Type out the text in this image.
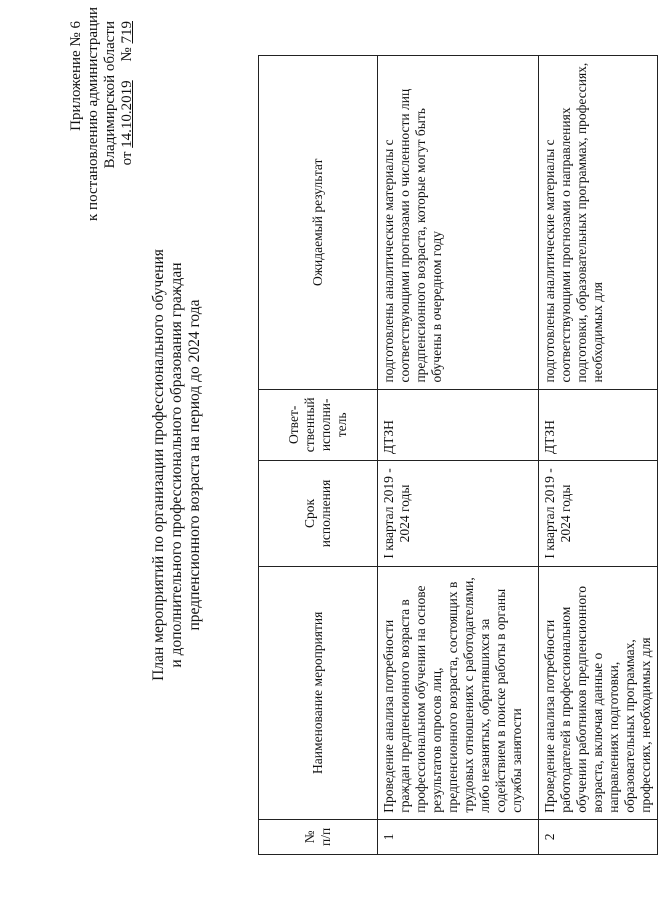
Приложение № 6 к постановлению администрации Владимирской области от 14.10.2019     № 719
План мероприятий по организации профессионального обучения и дополнительного профессионального образования граждан предпенсионного возраста на период до 2024 года
№ п/п	Наименование мероприятия	Срок исполнения	Ответ-ственный исполни-тель	Ожидаемый результат
1	Проведение анализа потребности граждан предпенсионного возраста в профессиональном обучении на основе результатов опросов лиц, предпенсионного возраста, состоящих в трудовых отношениях с работодателями, либо незанятых, обратившихся за содействием в поиске работы в органы службы занятости	I квартал 2019 - 2024 годы	ДТЗН	подготовлены аналитические материалы с соответствующими прогнозами о численности лиц предпенсионного возраста, которые могут быть обучены в очередном году
2	Проведение анализа потребности работодателей в профессиональном обучении работников предпенсионного возраста, включая данные о направлениях подготовки, образовательных программах, профессиях, необходимых для	I квартал 2019 - 2024 годы	ДТЗН	подготовлены аналитические материалы с соответствующими прогнозами о направлениях подготовки, образовательных программах, профессиях, необходимых для
